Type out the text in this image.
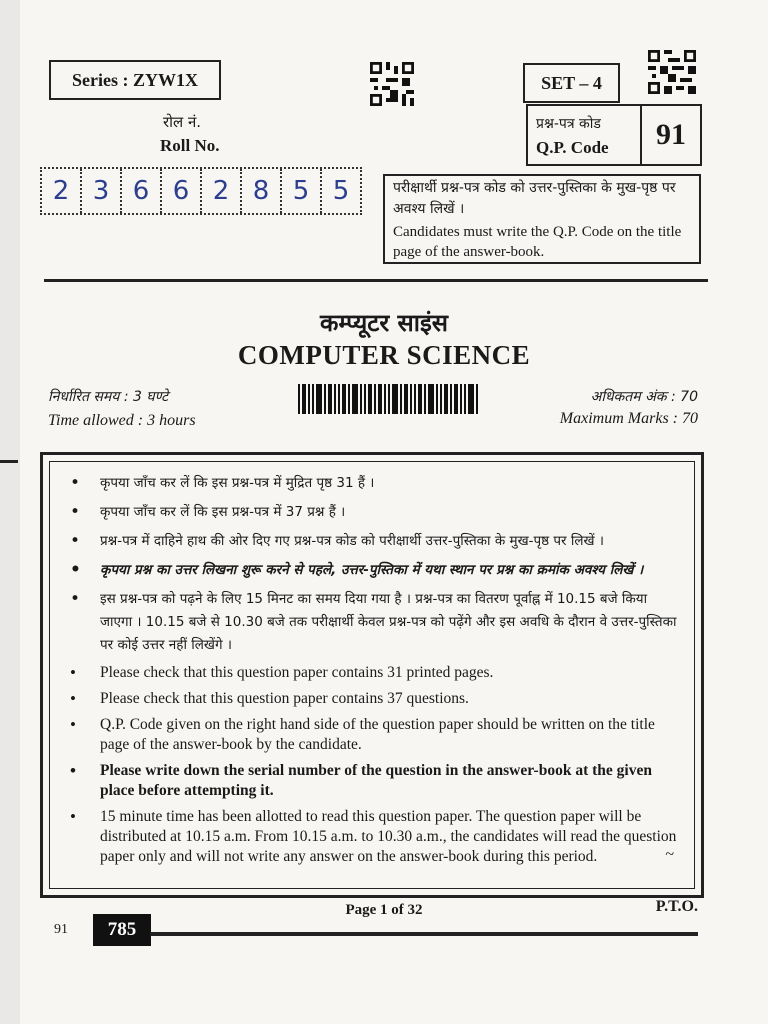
Series : ZYW1X	SET – 4
प्रश्न-पत्र कोड
Q.P. Code	91
रोल नं.
Roll No.
2 3 6 6 2 8 5 5	परीक्षार्थी प्रश्न-पत्र कोड को उत्तर-पुस्तिका के मुख-पृष्ठ पर अवश्य लिखें ।
Candidates must write the Q.P. Code on the title page of the answer-book.
कम्प्यूटर साइंस
COMPUTER SCIENCE
निर्धारित समय : 3 घण्टे
Time allowed : 3 hours
अधिकतम अंक : 70
Maximum Marks : 70
• कृपया जाँच कर लें कि इस प्रश्न-पत्र में मुद्रित पृष्ठ 31 हैं ।
• कृपया जाँच कर लें कि इस प्रश्न-पत्र में 37 प्रश्न हैं ।
• प्रश्न-पत्र में दाहिने हाथ की ओर दिए गए प्रश्न-पत्र कोड को परीक्षार्थी उत्तर-पुस्तिका के मुख-पृष्ठ पर लिखें ।
• कृपया प्रश्न का उत्तर लिखना शुरू करने से पहले, उत्तर-पुस्तिका में यथा स्थान पर प्रश्न का क्रमांक अवश्य लिखें ।
• इस प्रश्न-पत्र को पढ़ने के लिए 15 मिनट का समय दिया गया है । प्रश्न-पत्र का वितरण पूर्वाह्न में 10.15 बजे किया जाएगा । 10.15 बजे से 10.30 बजे तक परीक्षार्थी केवल प्रश्न-पत्र को पढ़ेंगे और इस अवधि के दौरान वे उत्तर-पुस्तिका पर कोई उत्तर नहीं लिखेंगे ।
• Please check that this question paper contains 31 printed pages.
• Please check that this question paper contains 37 questions.
• Q.P. Code given on the right hand side of the question paper should be written on the title page of the answer-book by the candidate.
• Please write down the serial number of the question in the answer-book at the given place before attempting it.
• 15 minute time has been allotted to read this question paper. The question paper will be distributed at 10.15 a.m. From 10.15 a.m. to 10.30 a.m., the candidates will read the question paper only and will not write any answer on the answer-book during this period.	~
91	785
Page 1 of 32	P.T.O.
